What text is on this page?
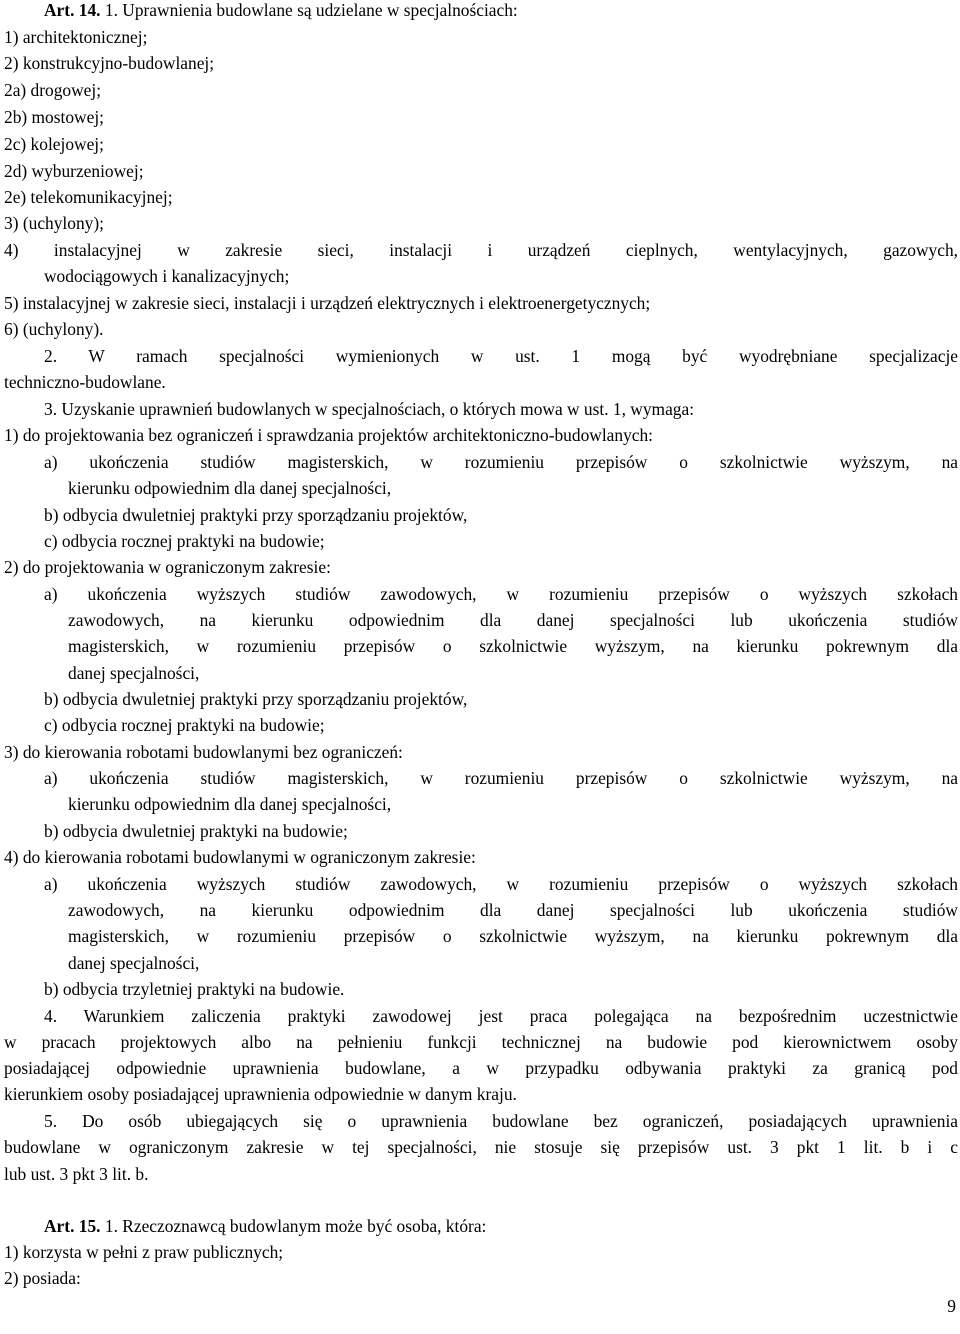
Art. 14. 1. Uprawnienia budowlane są udzielane w specjalnościach:
1) architektonicznej;
2) konstrukcyjno-budowlanej;
2a) drogowej;
2b) mostowej;
2c) kolejowej;
2d) wyburzeniowej;
2e) telekomunikacyjnej;
3) (uchylony);
4) instalacyjnej w zakresie sieci, instalacji i urządzeń cieplnych, wentylacyjnych, gazowych,
wodociągowych i kanalizacyjnych;
5) instalacyjnej w zakresie sieci, instalacji i urządzeń elektrycznych i elektroenergetycznych;
6) (uchylony).
2. W ramach specjalności wymienionych w ust. 1 mogą być wyodrębniane specjalizacje
techniczno-budowlane.
3. Uzyskanie uprawnień budowlanych w specjalnościach, o których mowa w ust. 1, wymaga:
1) do projektowania bez ograniczeń i sprawdzania projektów architektoniczno-budowlanych:
a) ukończenia studiów magisterskich, w rozumieniu przepisów o szkolnictwie wyższym, na
kierunku odpowiednim dla danej specjalności,
b) odbycia dwuletniej praktyki przy sporządzaniu projektów,
c) odbycia rocznej praktyki na budowie;
2) do projektowania w ograniczonym zakresie:
a) ukończenia wyższych studiów zawodowych, w rozumieniu przepisów o wyższych szkołach
zawodowych, na kierunku odpowiednim dla danej specjalności lub ukończenia studiów
magisterskich, w rozumieniu przepisów o szkolnictwie wyższym, na kierunku pokrewnym dla
danej specjalności,
b) odbycia dwuletniej praktyki przy sporządzaniu projektów,
c) odbycia rocznej praktyki na budowie;
3) do kierowania robotami budowlanymi bez ograniczeń:
a) ukończenia studiów magisterskich, w rozumieniu przepisów o szkolnictwie wyższym, na
kierunku odpowiednim dla danej specjalności,
b) odbycia dwuletniej praktyki na budowie;
4) do kierowania robotami budowlanymi w ograniczonym zakresie:
a) ukończenia wyższych studiów zawodowych, w rozumieniu przepisów o wyższych szkołach
zawodowych, na kierunku odpowiednim dla danej specjalności lub ukończenia studiów
magisterskich, w rozumieniu przepisów o szkolnictwie wyższym, na kierunku pokrewnym dla
danej specjalności,
b) odbycia trzyletniej praktyki na budowie.
4. Warunkiem zaliczenia praktyki zawodowej jest praca polegająca na bezpośrednim uczestnictwie
w pracach projektowych albo na pełnieniu funkcji technicznej na budowie pod kierownictwem osoby
posiadającej odpowiednie uprawnienia budowlane, a w przypadku odbywania praktyki za granicą pod
kierunkiem osoby posiadającej uprawnienia odpowiednie w danym kraju.
5. Do osób ubiegających się o uprawnienia budowlane bez ograniczeń, posiadających uprawnienia
budowlane w ograniczonym zakresie w tej specjalności, nie stosuje się przepisów ust. 3 pkt 1 lit. b i c
lub ust. 3 pkt 3 lit. b.
Art. 15. 1. Rzeczoznawcą budowlanym może być osoba, która:
1) korzysta w pełni z praw publicznych;
2) posiada:
9
